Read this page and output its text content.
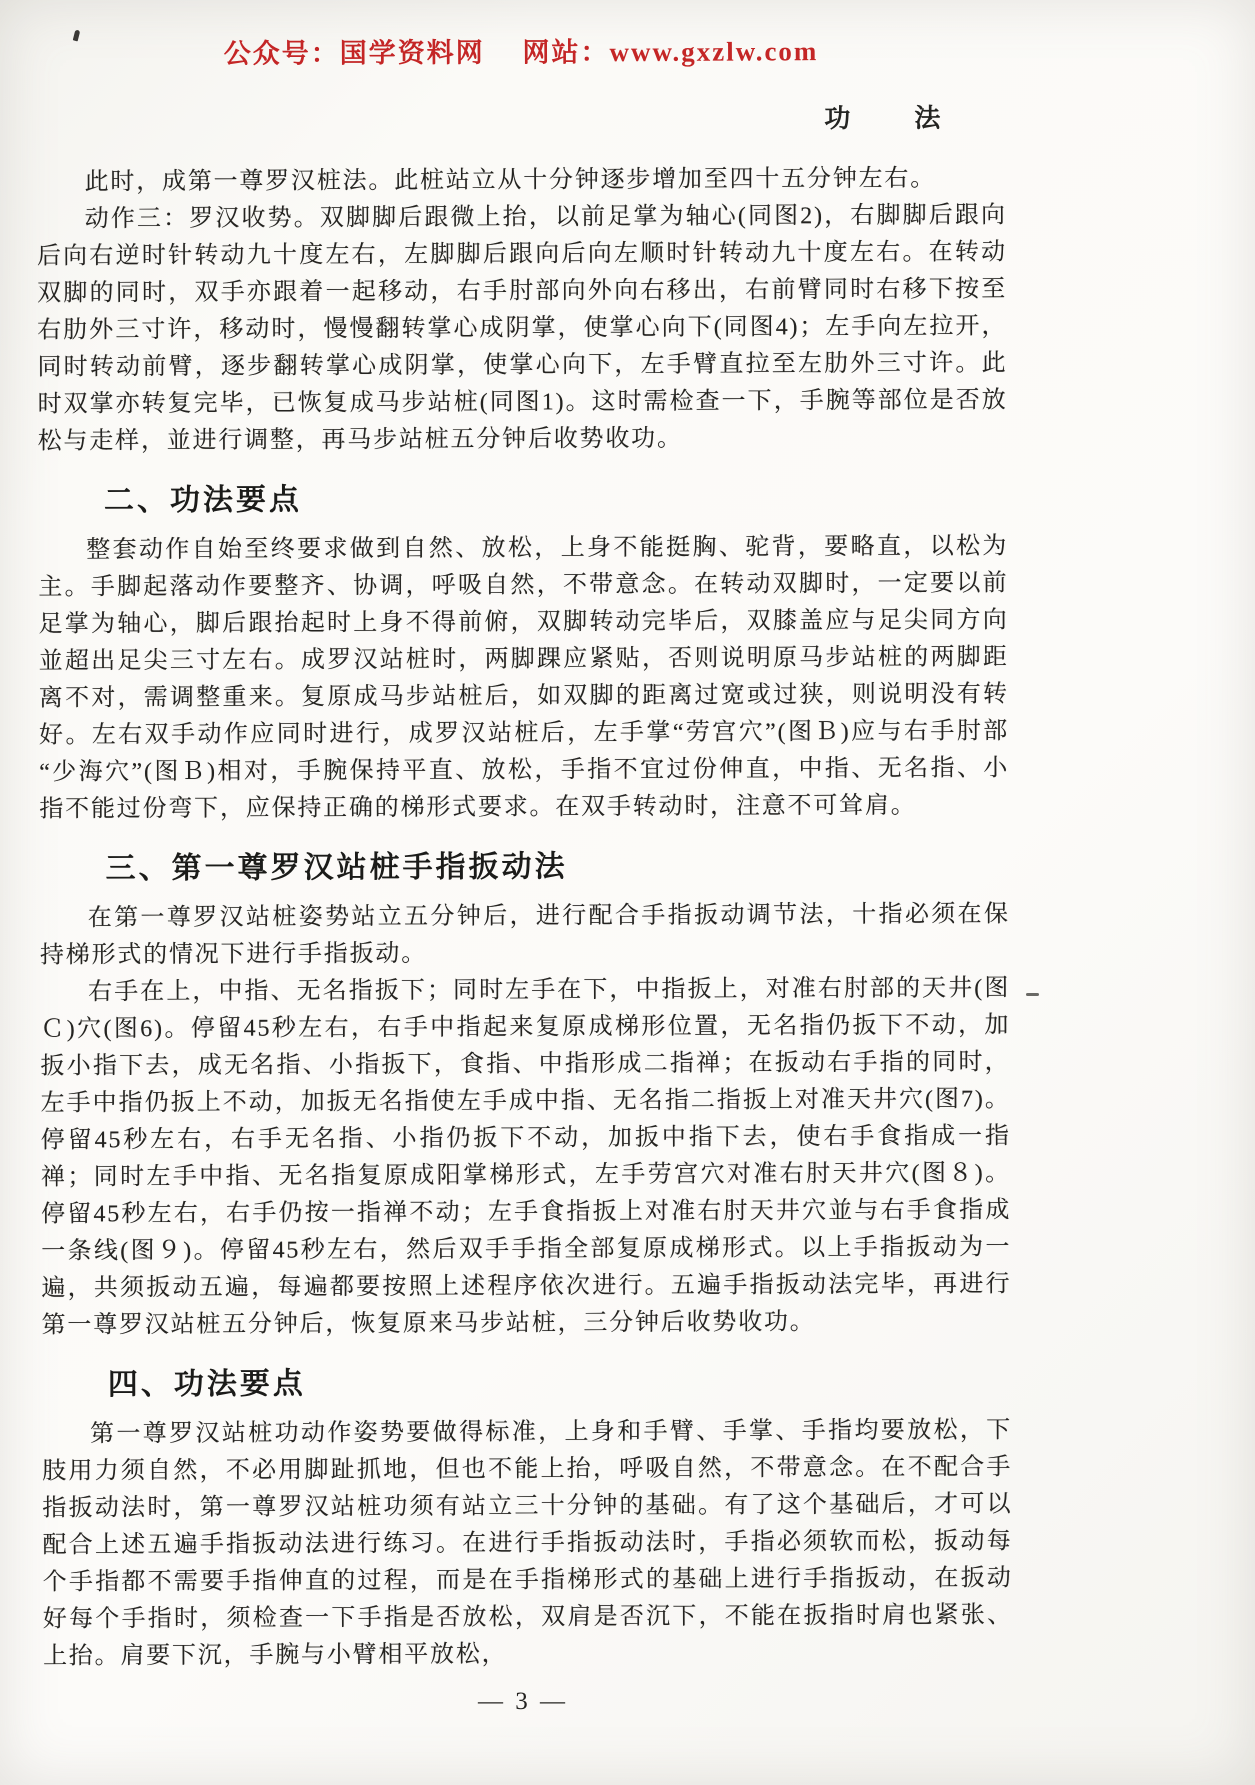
公众号：国学资料网　 网站：www.gxzlw.com
功　　法
此时，成第一尊罗汉桩法。此桩站立从十分钟逐步增加至四十五分钟左右。
动作三：罗汉收势。双脚脚后跟微上抬，以前足掌为轴心(同图2)，右脚脚后跟向后向右逆时针转动九十度左右，左脚脚后跟向后向左顺时针转动九十度左右。在转动双脚的同时，双手亦跟着一起移动，右手肘部向外向右移出，右前臂同时右移下按至右肋外三寸许，移动时，慢慢翻转掌心成阴掌，使掌心向下(同图4)；左手向左拉开，同时转动前臂，逐步翻转掌心成阴掌，使掌心向下，左手臂直拉至左肋外三寸许。此时双掌亦转复完毕，已恢复成马步站桩(同图1)。这时需检查一下，手腕等部位是否放松与走样，並进行调整，再马步站桩五分钟后收势收功。
二、功法要点
整套动作自始至终要求做到自然、放松，上身不能挺胸、驼背，要略直，以松为主。手脚起落动作要整齐、协调，呼吸自然，不带意念。在转动双脚时，一定要以前足掌为轴心，脚后跟抬起时上身不得前俯，双脚转动完毕后，双膝盖应与足尖同方向並超出足尖三寸左右。成罗汉站桩时，两脚踝应紧贴，否则说明原马步站桩的两脚距离不对，需调整重来。复原成马步站桩后，如双脚的距离过宽或过狭，则说明没有转好。左右双手动作应同时进行，成罗汉站桩后，左手掌“劳宫穴”(图Ｂ)应与右手肘部“少海穴”(图Ｂ)相对，手腕保持平直、放松，手指不宜过份伸直，中指、无名指、小指不能过份弯下，应保持正确的梯形式要求。在双手转动时，注意不可耸肩。
三、第一尊罗汉站桩手指扳动法
在第一尊罗汉站桩姿势站立五分钟后，进行配合手指扳动调节法，十指必须在保持梯形式的情况下进行手指扳动。
右手在上，中指、无名指扳下；同时左手在下，中指扳上，对准右肘部的天井(图Ｃ)穴(图6)。停留45秒左右，右手中指起来复原成梯形位置，无名指仍扳下不动，加扳小指下去，成无名指、小指扳下，食指、中指形成二指禅；在扳动右手指的同时，左手中指仍扳上不动，加扳无名指使左手成中指、无名指二指扳上对准天井穴(图7)。停留45秒左右，右手无名指、小指仍扳下不动，加扳中指下去，使右手食指成一指禅；同时左手中指、无名指复原成阳掌梯形式，左手劳宫穴对准右肘天井穴(图８)。停留45秒左右，右手仍按一指禅不动；左手食指扳上对准右肘天井穴並与右手食指成一条线(图９)。停留45秒左右，然后双手手指全部复原成梯形式。以上手指扳动为一遍，共须扳动五遍，每遍都要按照上述程序依次进行。五遍手指扳动法完毕，再进行第一尊罗汉站桩五分钟后，恢复原来马步站桩，三分钟后收势收功。
四、功法要点
第一尊罗汉站桩功动作姿势要做得标准，上身和手臂、手掌、手指均要放松，下肢用力须自然，不必用脚趾抓地，但也不能上抬，呼吸自然，不带意念。在不配合手指扳动法时，第一尊罗汉站桩功须有站立三十分钟的基础。有了这个基础后，才可以配合上述五遍手指扳动法进行练习。在进行手指扳动法时，手指必须软而松，扳动每个手指都不需要手指伸直的过程，而是在手指梯形式的基础上进行手指扳动，在扳动好每个手指时，须检查一下手指是否放松，双肩是否沉下，不能在扳指时肩也紧张、上抬。肩要下沉，手腕与小臂相平放松，
— 3 —
